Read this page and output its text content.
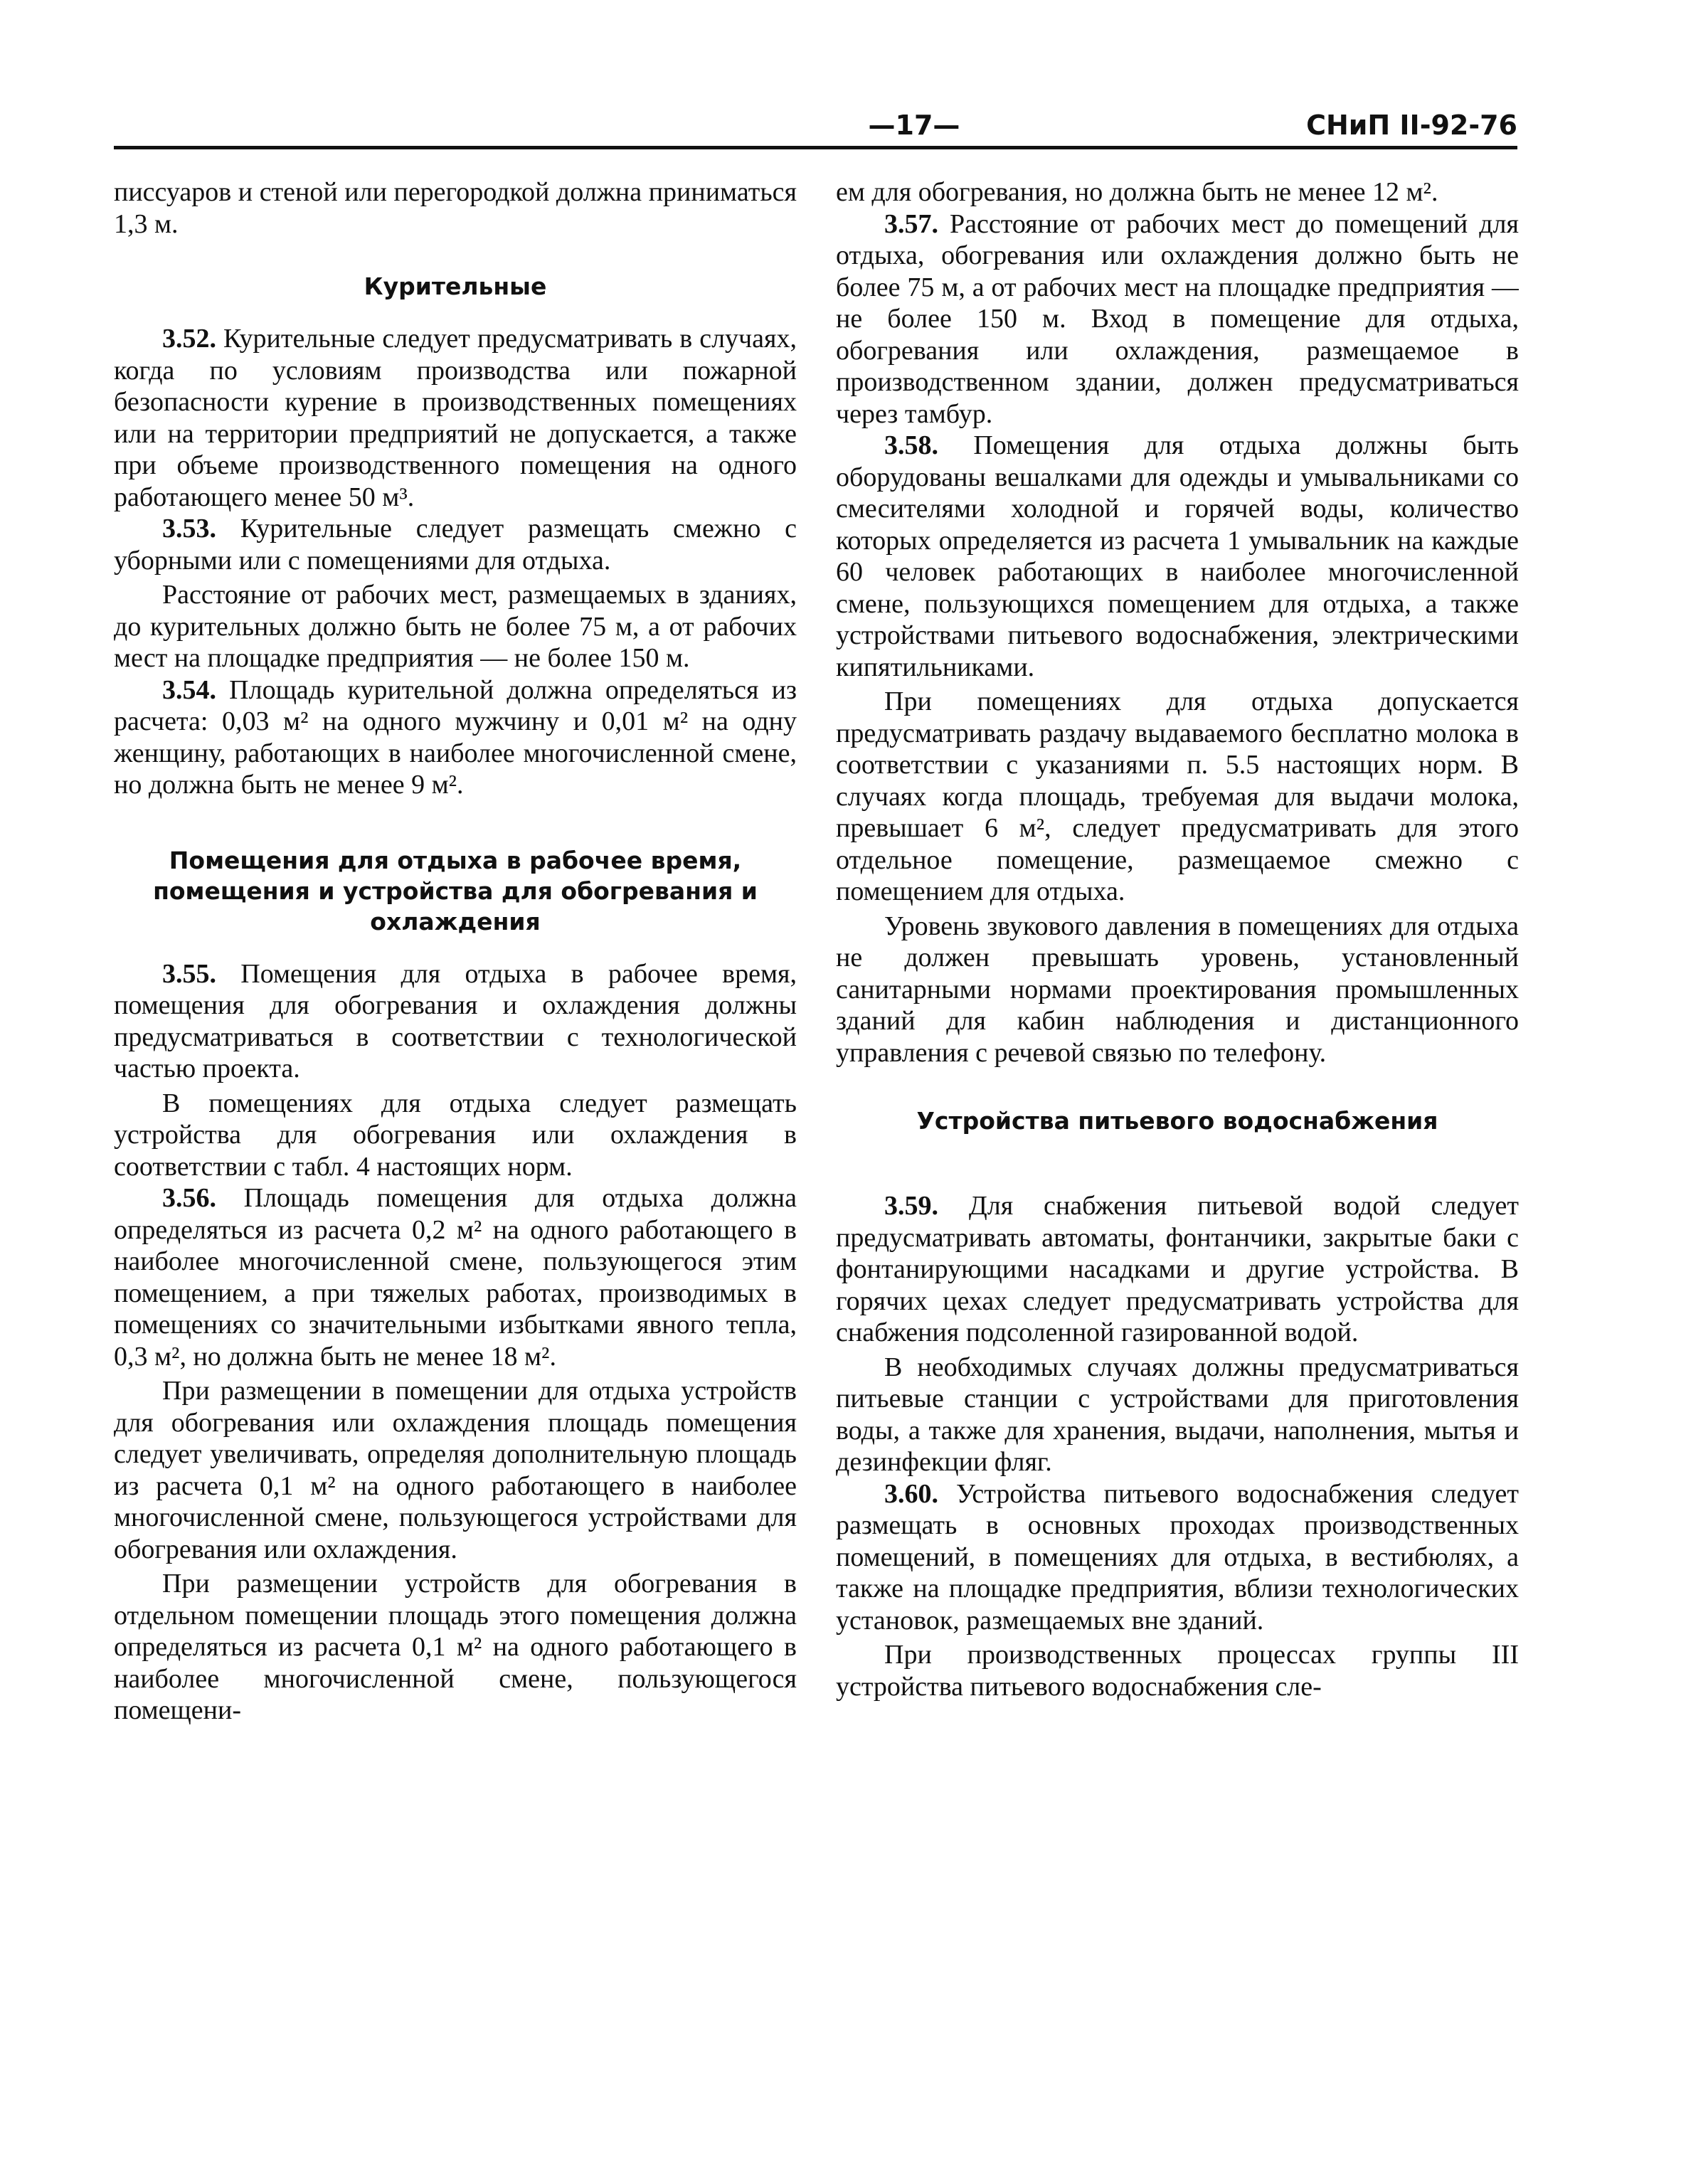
—17—	СНиП II-92-76

писсуаров и стеной или перегородкой должна приниматься 1,3 м.

Курительные

3.52. Курительные следует предусматривать в случаях, когда по условиям производства или пожарной безопасности курение в производственных помещениях или на территории предприятий не допускается, а также при объеме производственного помещения на одного работающего менее 50 м³.

3.53. Курительные следует размещать смежно с уборными или с помещениями для отдыха.

Расстояние от рабочих мест, размещаемых в зданиях, до курительных должно быть не более 75 м, а от рабочих мест на площадке предприятия — не более 150 м.

3.54. Площадь курительной должна определяться из расчета: 0,03 м² на одного мужчину и 0,01 м² на одну женщину, работающих в наиболее многочисленной смене, но должна быть не менее 9 м².

Помещения для отдыха в рабочее время, помещения и устройства для обогревания и охлаждения

3.55. Помещения для отдыха в рабочее время, помещения для обогревания и охлаждения должны предусматриваться в соответствии с технологической частью проекта.

В помещениях для отдыха следует размещать устройства для обогревания или охлаждения в соответствии с табл. 4 настоящих норм.

3.56. Площадь помещения для отдыха должна определяться из расчета 0,2 м² на одного работающего в наиболее многочисленной смене, пользующегося этим помещением, а при тяжелых работах, производимых в помещениях со значительными избытками явного тепла, 0,3 м², но должна быть не менее 18 м².

При размещении в помещении для отдыха устройств для обогревания или охлаждения площадь помещения следует увеличивать, определяя дополнительную площадь из расчета 0,1 м² на одного работающего в наиболее многочисленной смене, пользующегося устройствами для обогревания или охлаждения.

При размещении устройств для обогревания в отдельном помещении площадь этого помещения должна определяться из расчета 0,1 м² на одного работающего в наиболее многочисленной смене, пользующегося помещени-

ем для обогревания, но должна быть не менее 12 м².

3.57. Расстояние от рабочих мест до помещений для отдыха, обогревания или охлаждения должно быть не более 75 м, а от рабочих мест на площадке предприятия — не более 150 м. Вход в помещение для отдыха, обогревания или охлаждения, размещаемое в производственном здании, должен предусматриваться через тамбур.

3.58. Помещения для отдыха должны быть оборудованы вешалками для одежды и умывальниками со смесителями холодной и горячей воды, количество которых определяется из расчета 1 умывальник на каждые 60 человек работающих в наиболее многочисленной смене, пользующихся помещением для отдыха, а также устройствами питьевого водоснабжения, электрическими кипятильниками.

При помещениях для отдыха допускается предусматривать раздачу выдаваемого бесплатно молока в соответствии с указаниями п. 5.5 настоящих норм. В случаях когда площадь, требуемая для выдачи молока, превышает 6 м², следует предусматривать для этого отдельное помещение, размещаемое смежно с помещением для отдыха.

Уровень звукового давления в помещениях для отдыха не должен превышать уровень, установленный санитарными нормами проектирования промышленных зданий для кабин наблюдения и дистанционного управления с речевой связью по телефону.

Устройства питьевого водоснабжения

3.59. Для снабжения питьевой водой следует предусматривать автоматы, фонтанчики, закрытые баки с фонтанирующими насадками и другие устройства. В горячих цехах следует предусматривать устройства для снабжения подсоленной газированной водой.

В необходимых случаях должны предусматриваться питьевые станции с устройствами для приготовления воды, а также для хранения, выдачи, наполнения, мытья и дезинфекции фляг.

3.60. Устройства питьевого водоснабжения следует размещать в основных проходах производственных помещений, в помещениях для отдыха, в вестибюлях, а также на площадке предприятия, вблизи технологических установок, размещаемых вне зданий.

При производственных процессах группы III устройства питьевого водоснабжения сле-
